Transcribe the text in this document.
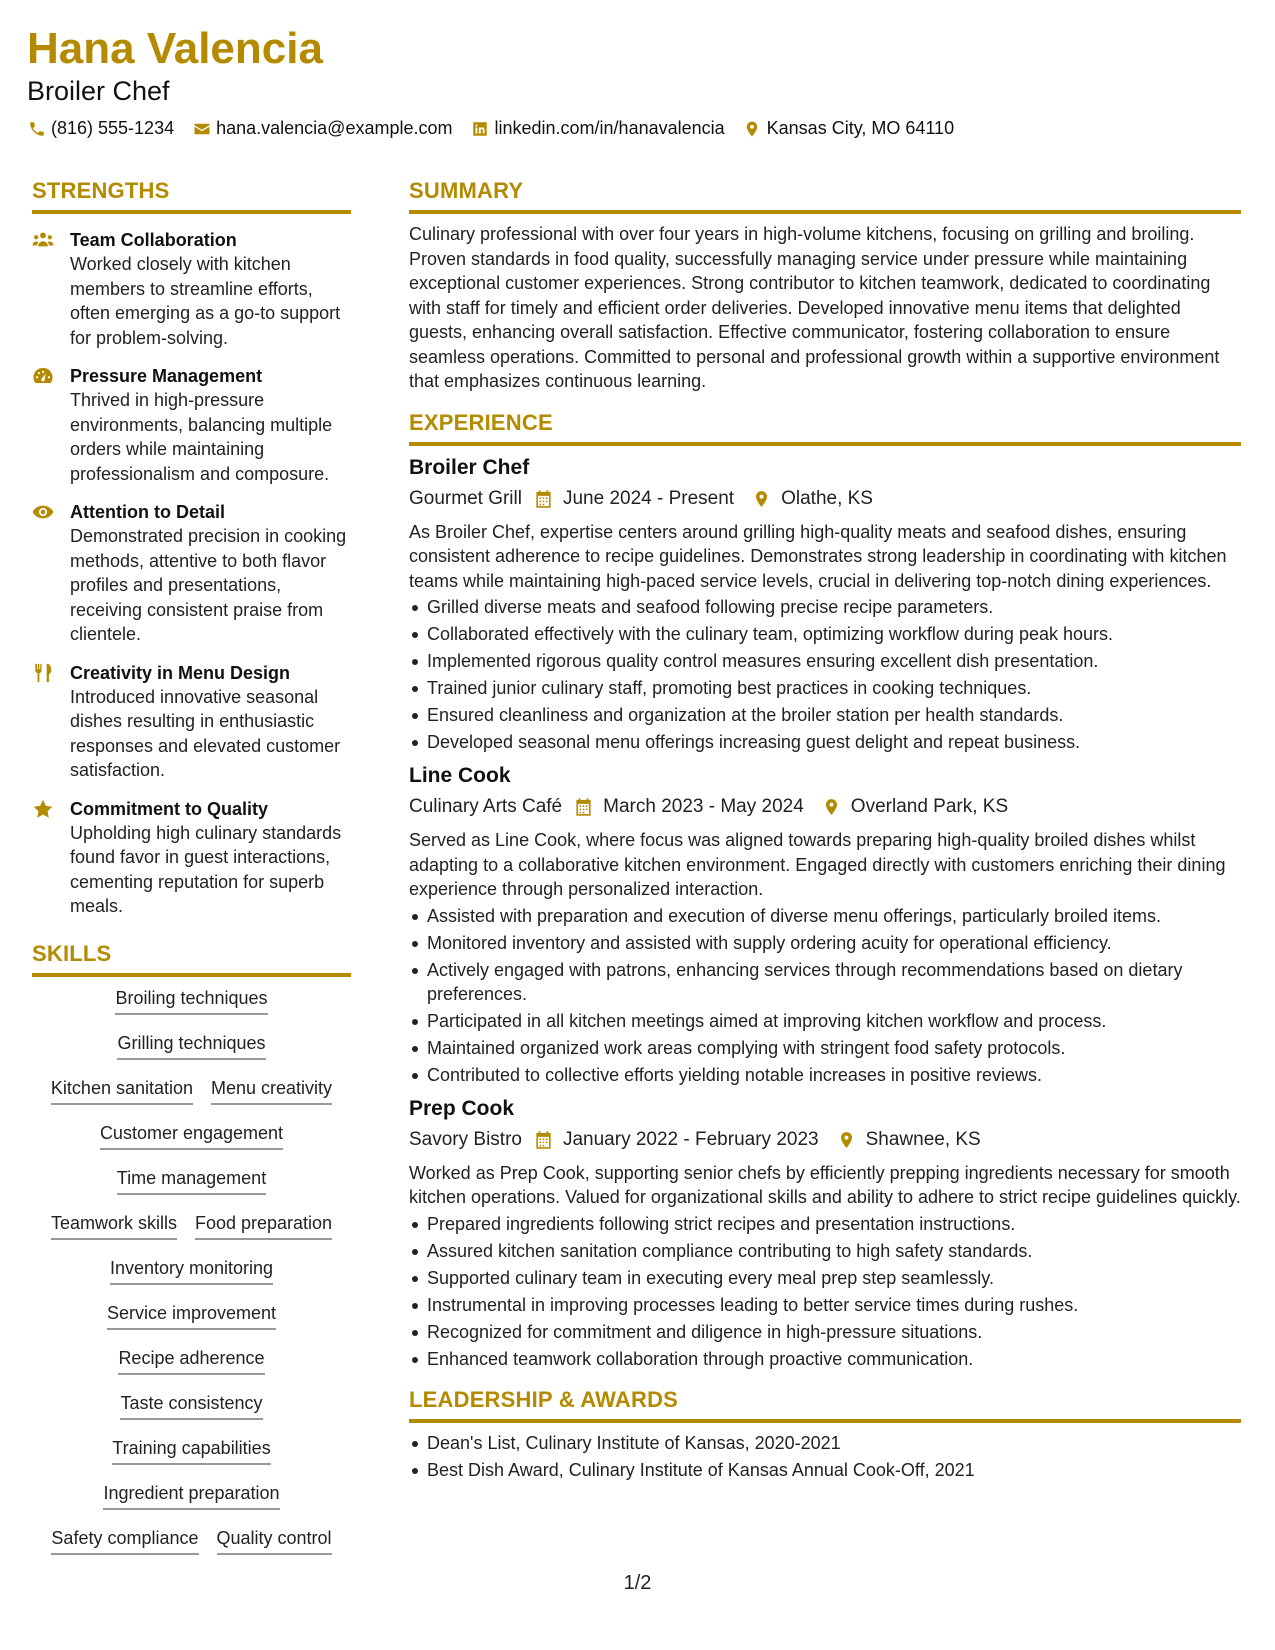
Hana Valencia
Broiler Chef
(816) 555-1234 hana.valencia@example.com linkedin.com/in/hanavalencia Kansas City, MO 64110
STRENGTHS
Team Collaboration
Worked closely with kitchen members to streamline efforts, often emerging as a go-to support for problem-solving.
Pressure Management
Thrived in high-pressure environments, balancing multiple orders while maintaining professionalism and composure.
Attention to Detail
Demonstrated precision in cooking methods, attentive to both flavor profiles and presentations, receiving consistent praise from clientele.
Creativity in Menu Design
Introduced innovative seasonal dishes resulting in enthusiastic responses and elevated customer satisfaction.
Commitment to Quality
Upholding high culinary standards found favor in guest interactions, cementing reputation for superb meals.
SKILLS
Broiling techniques
Grilling techniques
Kitchen sanitation Menu creativity
Customer engagement
Time management
Teamwork skills Food preparation
Inventory monitoring
Service improvement
Recipe adherence
Taste consistency
Training capabilities
Ingredient preparation
Safety compliance Quality control
SUMMARY
Culinary professional with over four years in high-volume kitchens, focusing on grilling and broiling. Proven standards in food quality, successfully managing service under pressure while maintaining exceptional customer experiences. Strong contributor to kitchen teamwork, dedicated to coordinating with staff for timely and efficient order deliveries. Developed innovative menu items that delighted guests, enhancing overall satisfaction. Effective communicator, fostering collaboration to ensure seamless operations. Committed to personal and professional growth within a supportive environment that emphasizes continuous learning.
EXPERIENCE
Broiler Chef
Gourmet Grill June 2024 - Present Olathe, KS
As Broiler Chef, expertise centers around grilling high-quality meats and seafood dishes, ensuring consistent adherence to recipe guidelines. Demonstrates strong leadership in coordinating with kitchen teams while maintaining high-paced service levels, crucial in delivering top-notch dining experiences.
Grilled diverse meats and seafood following precise recipe parameters.
Collaborated effectively with the culinary team, optimizing workflow during peak hours.
Implemented rigorous quality control measures ensuring excellent dish presentation.
Trained junior culinary staff, promoting best practices in cooking techniques.
Ensured cleanliness and organization at the broiler station per health standards.
Developed seasonal menu offerings increasing guest delight and repeat business.
Line Cook
Culinary Arts Café March 2023 - May 2024 Overland Park, KS
Served as Line Cook, where focus was aligned towards preparing high-quality broiled dishes whilst adapting to a collaborative kitchen environment. Engaged directly with customers enriching their dining experience through personalized interaction.
Assisted with preparation and execution of diverse menu offerings, particularly broiled items.
Monitored inventory and assisted with supply ordering acuity for operational efficiency.
Actively engaged with patrons, enhancing services through recommendations based on dietary preferences.
Participated in all kitchen meetings aimed at improving kitchen workflow and process.
Maintained organized work areas complying with stringent food safety protocols.
Contributed to collective efforts yielding notable increases in positive reviews.
Prep Cook
Savory Bistro January 2022 - February 2023 Shawnee, KS
Worked as Prep Cook, supporting senior chefs by efficiently prepping ingredients necessary for smooth kitchen operations. Valued for organizational skills and ability to adhere to strict recipe guidelines quickly.
Prepared ingredients following strict recipes and presentation instructions.
Assured kitchen sanitation compliance contributing to high safety standards.
Supported culinary team in executing every meal prep step seamlessly.
Instrumental in improving processes leading to better service times during rushes.
Recognized for commitment and diligence in high-pressure situations.
Enhanced teamwork collaboration through proactive communication.
LEADERSHIP & AWARDS
Dean's List, Culinary Institute of Kansas, 2020-2021
Best Dish Award, Culinary Institute of Kansas Annual Cook-Off, 2021
1/2
